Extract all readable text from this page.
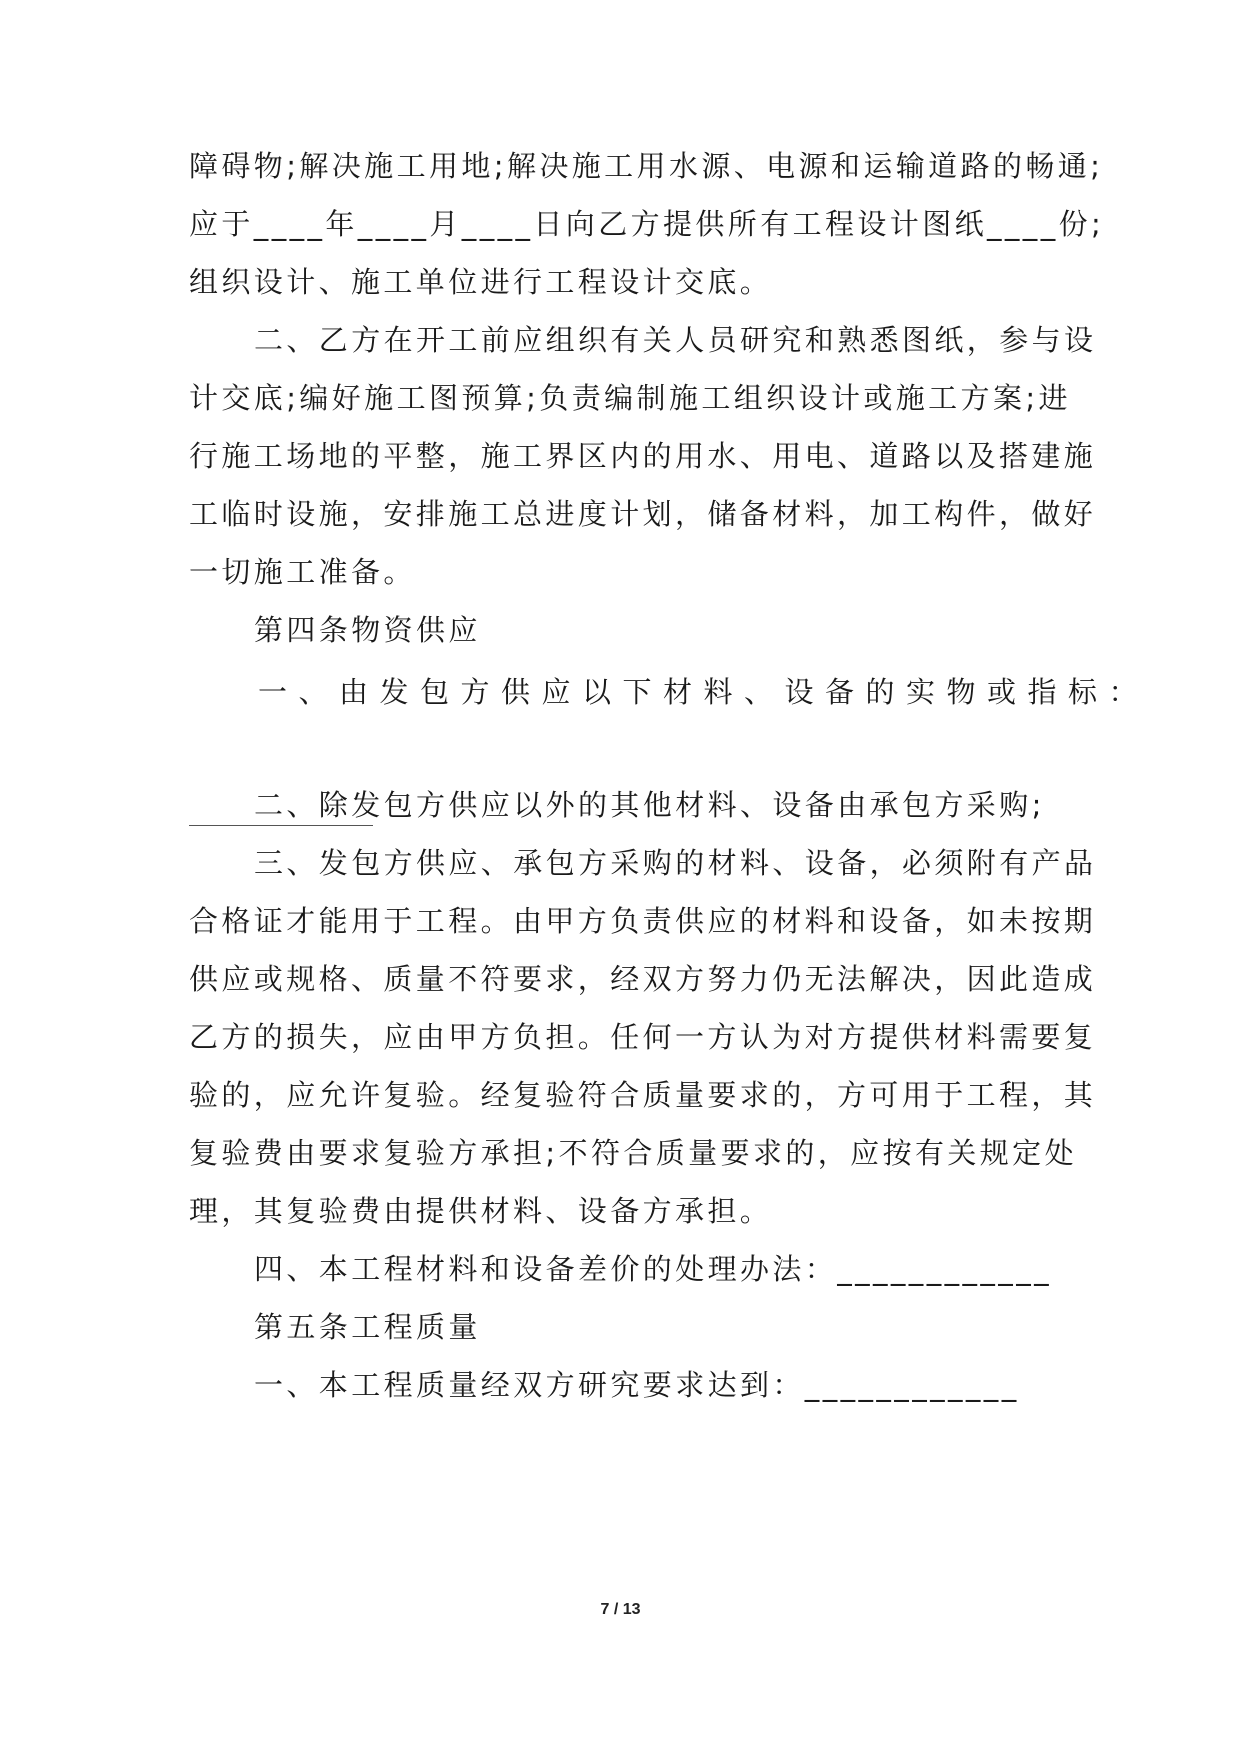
障碍物;解决施工用地;解决施工用水源、电源和运输道路的畅通;
应于____年____月____日向乙方提供所有工程设计图纸____份;
组织设计、施工单位进行工程设计交底。
二、乙方在开工前应组织有关人员研究和熟悉图纸，参与设
计交底;编好施工图预算;负责编制施工组织设计或施工方案;进
行施工场地的平整，施工界区内的用水、用电、道路以及搭建施
工临时设施，安排施工总进度计划，储备材料，加工构件，做好
一切施工准备。
第四条物资供应
一、由发包方供应以下材料、设备的实物或指标：
二、除发包方供应以外的其他材料、设备由承包方采购;
三、发包方供应、承包方采购的材料、设备，必须附有产品
合格证才能用于工程。由甲方负责供应的材料和设备，如未按期
供应或规格、质量不符要求，经双方努力仍无法解决，因此造成
乙方的损失，应由甲方负担。任何一方认为对方提供材料需要复
验的，应允许复验。经复验符合质量要求的，方可用于工程，其
复验费由要求复验方承担;不符合质量要求的，应按有关规定处
理，其复验费由提供材料、设备方承担。
四、本工程材料和设备差价的处理办法：____________
第五条工程质量
一、本工程质量经双方研究要求达到：____________
7 / 13
